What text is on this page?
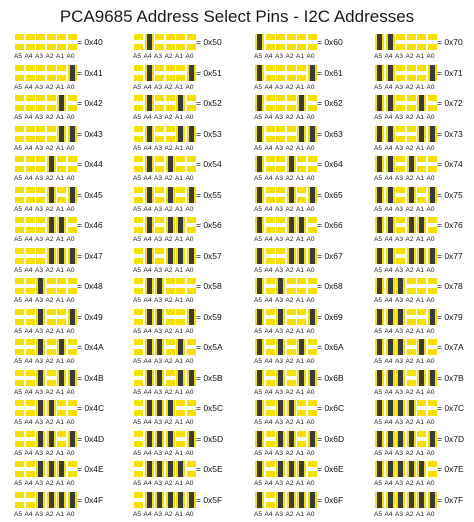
PCA9685 Address Select Pins - I2C Addresses
= 0x40
A5 A4 A3 A2 A1 A0
= 0x41
A5 A4 A3 A2 A1 A0
= 0x42
A5 A4 A3 A2 A1 A0
= 0x43
A5 A4 A3 A2 A1 A0
= 0x44
A5 A4 A3 A2 A1 A0
= 0x45
A5 A4 A3 A2 A1 A0
= 0x46
A5 A4 A3 A2 A1 A0
= 0x47
A5 A4 A3 A2 A1 A0
= 0x48
A5 A4 A3 A2 A1 A0
= 0x49
A5 A4 A3 A2 A1 A0
= 0x4A
A5 A4 A3 A2 A1 A0
= 0x4B
A5 A4 A3 A2 A1 A0
= 0x4C
A5 A4 A3 A2 A1 A0
= 0x4D
A5 A4 A3 A2 A1 A0
= 0x4E
A5 A4 A3 A2 A1 A0
= 0x4F
A5 A4 A3 A2 A1 A0
= 0x50
A5 A4 A3 A2 A1 A0
= 0x51
A5 A4 A3 A2 A1 A0
= 0x52
A5 A4 A3 A2 A1 A0
= 0x53
A5 A4 A3 A2 A1 A0
= 0x54
A5 A4 A3 A2 A1 A0
= 0x55
A5 A4 A3 A2 A1 A0
= 0x56
A5 A4 A3 A2 A1 A0
= 0x57
A5 A4 A3 A2 A1 A0
= 0x58
A5 A4 A3 A2 A1 A0
= 0x59
A5 A4 A3 A2 A1 A0
= 0x5A
A5 A4 A3 A2 A1 A0
= 0x5B
A5 A4 A3 A2 A1 A0
= 0x5C
A5 A4 A3 A2 A1 A0
= 0x5D
A5 A4 A3 A2 A1 A0
= 0x5E
A5 A4 A3 A2 A1 A0
= 0x5F
A5 A4 A3 A2 A1 A0
= 0x60
A5 A4 A3 A2 A1 A0
= 0x61
A5 A4 A3 A2 A1 A0
= 0x62
A5 A4 A3 A2 A1 A0
= 0x63
A5 A4 A3 A2 A1 A0
= 0x64
A5 A4 A3 A2 A1 A0
= 0x65
A5 A4 A3 A2 A1 A0
= 0x66
A5 A4 A3 A2 A1 A0
= 0x67
A5 A4 A3 A2 A1 A0
= 0x68
A5 A4 A3 A2 A1 A0
= 0x69
A5 A4 A3 A2 A1 A0
= 0x6A
A5 A4 A3 A2 A1 A0
= 0x6B
A5 A4 A3 A2 A1 A0
= 0x6C
A5 A4 A3 A2 A1 A0
= 0x6D
A5 A4 A3 A2 A1 A0
= 0x6E
A5 A4 A3 A2 A1 A0
= 0x6F
A5 A4 A3 A2 A1 A0
= 0x70
A5 A4 A3 A2 A1 A0
= 0x71
A5 A4 A3 A2 A1 A0
= 0x72
A5 A4 A3 A2 A1 A0
= 0x73
A5 A4 A3 A2 A1 A0
= 0x74
A5 A4 A3 A2 A1 A0
= 0x75
A5 A4 A3 A2 A1 A0
= 0x76
A5 A4 A3 A2 A1 A0
= 0x77
A5 A4 A3 A2 A1 A0
= 0x78
A5 A4 A3 A2 A1 A0
= 0x79
A5 A4 A3 A2 A1 A0
= 0x7A
A5 A4 A3 A2 A1 A0
= 0x7B
A5 A4 A3 A2 A1 A0
= 0x7C
A5 A4 A3 A2 A1 A0
= 0x7D
A5 A4 A3 A2 A1 A0
= 0x7E
A5 A4 A3 A2 A1 A0
= 0x7F
A5 A4 A3 A2 A1 A0
